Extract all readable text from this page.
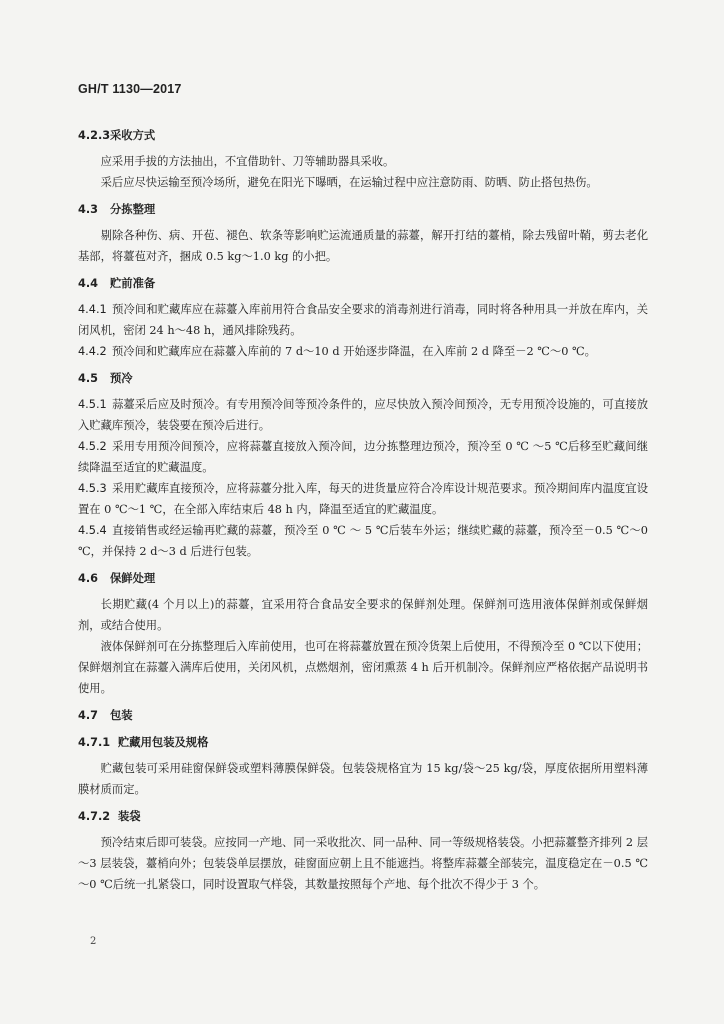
GH/T 1130—2017
4.2.3采收方式

应采用手拔的方法抽出，不宜借助针、刀等辅助器具采收。

采后应尽快运输至预冷场所，避免在阳光下曝晒，在运输过程中应注意防雨、防晒、防止搭包热伤。

4.3 分拣整理

剔除各种伤、病、开苞、褪色、软条等影响贮运流通质量的蒜薹，解开打结的薹梢，除去残留叶鞘，剪去老化基部，将薹苞对齐，捆成 0.5 kg～1.0 kg 的小把。

4.4 贮前准备

4.4.1 预冷间和贮藏库应在蒜薹入库前用符合食品安全要求的消毒剂进行消毒，同时将各种用具一并放在库内，关闭风机，密闭 24 h～48 h，通风排除残药。

4.4.2 预冷间和贮藏库应在蒜薹入库前的 7 d～10 d 开始逐步降温，在入库前 2 d 降至－2 ℃～0 ℃。

4.5 预冷

4.5.1 蒜薹采后应及时预冷。有专用预冷间等预冷条件的，应尽快放入预冷间预冷，无专用预冷设施的，可直接放入贮藏库预冷，装袋要在预冷后进行。

4.5.2 采用专用预冷间预冷，应将蒜薹直接放入预冷间，边分拣整理边预冷，预冷至 0 ℃ ～5 ℃后移至贮藏间继续降温至适宜的贮藏温度。

4.5.3 采用贮藏库直接预冷，应将蒜薹分批入库，每天的进货量应符合冷库设计规范要求。预冷期间库内温度宜设置在 0 ℃～1 ℃，在全部入库结束后 48 h 内，降温至适宜的贮藏温度。

4.5.4 直接销售或经运输再贮藏的蒜薹，预冷至 0 ℃ ～ 5 ℃后装车外运；继续贮藏的蒜薹，预冷至－0.5 ℃～0 ℃，并保持 2 d～3 d 后进行包装。

4.6 保鲜处理

长期贮藏(4 个月以上)的蒜薹，宜采用符合食品安全要求的保鲜剂处理。保鲜剂可选用液体保鲜剂或保鲜烟剂，或结合使用。

液体保鲜剂可在分拣整理后入库前使用，也可在将蒜薹放置在预冷货架上后使用，不得预冷至 0 ℃以下使用；保鲜烟剂宜在蒜薹入满库后使用，关闭风机，点燃烟剂，密闭熏蒸 4 h 后开机制冷。保鲜剂应严格依据产品说明书使用。

4.7 包装
4.7.1 贮藏用包装及规格

贮藏包装可采用硅窗保鲜袋或塑料薄膜保鲜袋。包装袋规格宜为 15 kg/袋～25 kg/袋，厚度依据所用塑料薄膜材质而定。

4.7.2 装袋

预冷结束后即可装袋。应按同一产地、同一采收批次、同一品种、同一等级规格装袋。小把蒜薹整齐排列 2 层～3 层装袋，薹梢向外；包装袋单层摆放，硅窗面应朝上且不能遮挡。将整库蒜薹全部装完，温度稳定在－0.5 ℃～0 ℃后统一扎紧袋口，同时设置取气样袋，其数量按照每个产地、每个批次不得少于 3 个。

2
